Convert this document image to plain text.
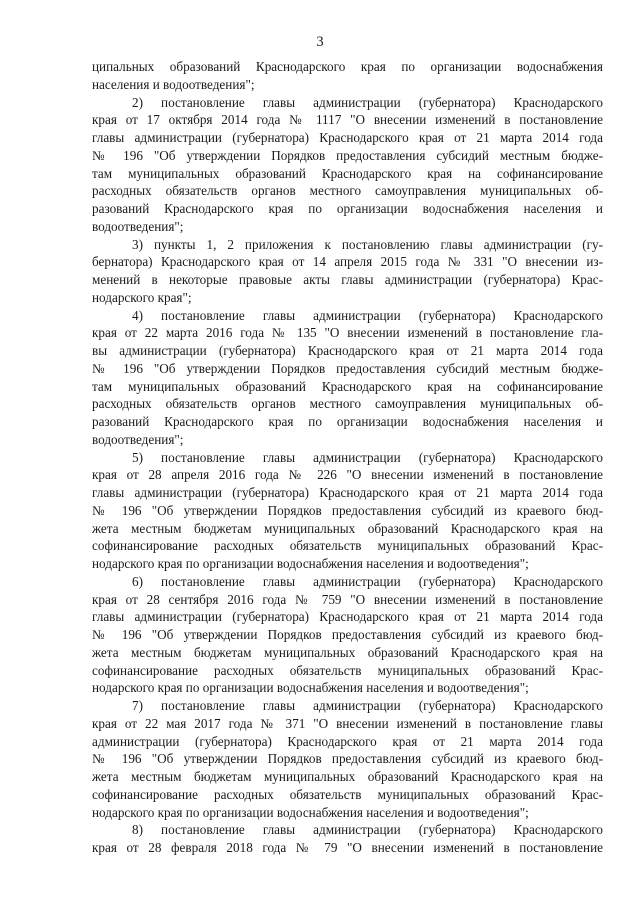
3
ципальных образований Краснодарского края по организации водоснабжения
населения и водоотведения";
2) постановление главы администрации (губернатора) Краснодарского
края от 17 октября 2014 года № 1117 "О внесении изменений в постановление
главы администрации (губернатора) Краснодарского края от 21 марта 2014 года
№ 196 "Об утверждении Порядков предоставления субсидий местным бюдже-
там муниципальных образований Краснодарского края на софинансирование
расходных обязательств органов местного самоуправления муниципальных об-
разований Краснодарского края по организации водоснабжения населения и
водоотведения";
3) пункты 1, 2 приложения к постановлению главы администрации (гу-
бернатора) Краснодарского края от 14 апреля 2015 года № 331 "О внесении из-
менений в некоторые правовые акты главы администрации (губернатора) Крас-
нодарского края";
4) постановление главы администрации (губернатора) Краснодарского
края от 22 марта 2016 года № 135 "О внесении изменений в постановление гла-
вы администрации (губернатора) Краснодарского края от 21 марта 2014 года
№ 196 "Об утверждении Порядков предоставления субсидий местным бюдже-
там муниципальных образований Краснодарского края на софинансирование
расходных обязательств органов местного самоуправления муниципальных об-
разований Краснодарского края по организации водоснабжения населения и
водоотведения";
5) постановление главы администрации (губернатора) Краснодарского
края от 28 апреля 2016 года № 226 "О внесении изменений в постановление
главы администрации (губернатора) Краснодарского края от 21 марта 2014 года
№ 196 "Об утверждении Порядков предоставления субсидий из краевого бюд-
жета местным бюджетам муниципальных образований Краснодарского края на
софинансирование расходных обязательств муниципальных образований Крас-
нодарского края по организации водоснабжения населения и водоотведения";
6) постановление главы администрации (губернатора) Краснодарского
края от 28 сентября 2016 года № 759 "О внесении изменений в постановление
главы администрации (губернатора) Краснодарского края от 21 марта 2014 года
№ 196 "Об утверждении Порядков предоставления субсидий из краевого бюд-
жета местным бюджетам муниципальных образований Краснодарского края на
софинансирование расходных обязательств муниципальных образований Крас-
нодарского края по организации водоснабжения населения и водоотведения";
7) постановление главы администрации (губернатора) Краснодарского
края от 22 мая 2017 года № 371 "О внесении изменений в постановление главы
администрации (губернатора) Краснодарского края от 21 марта 2014 года
№ 196 "Об утверждении Порядков предоставления субсидий из краевого бюд-
жета местным бюджетам муниципальных образований Краснодарского края на
софинансирование расходных обязательств муниципальных образований Крас-
нодарского края по организации водоснабжения населения и водоотведения";
8) постановление главы администрации (губернатора) Краснодарского
края от 28 февраля 2018 года № 79 "О внесении изменений в постановление
